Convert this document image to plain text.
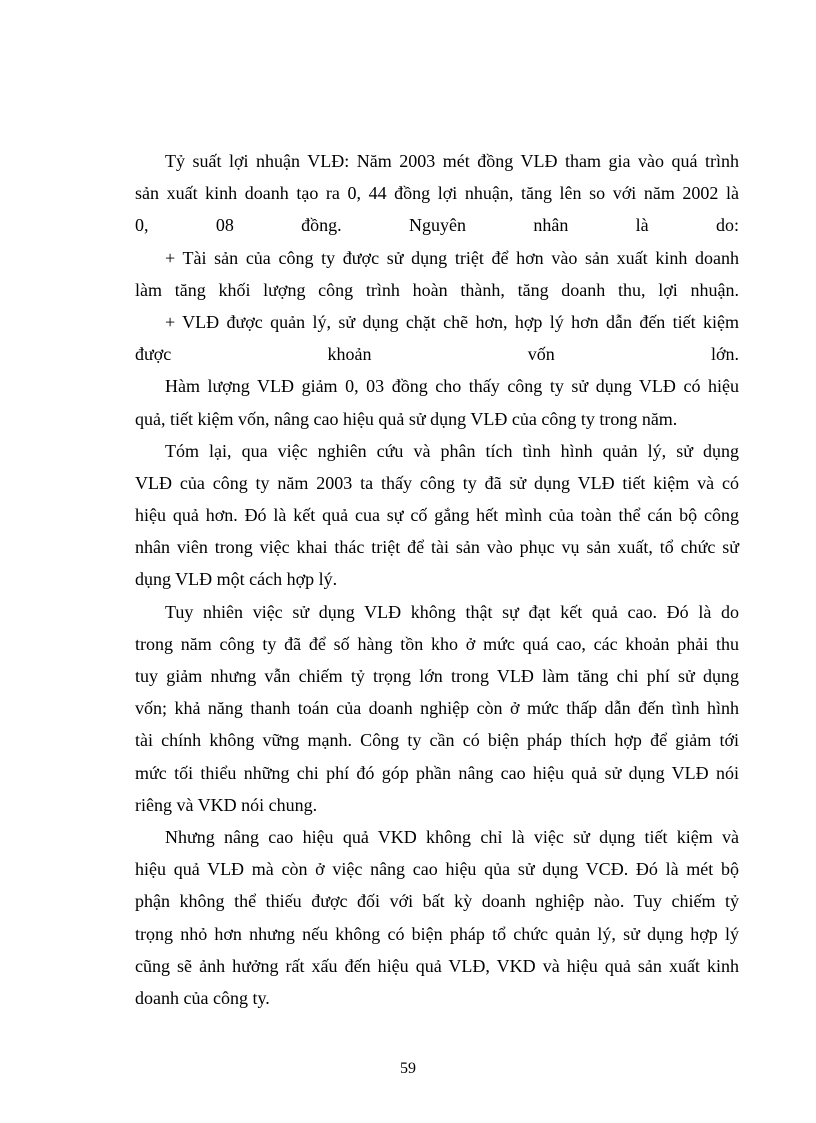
Tỷ suất lợi nhuận VLĐ: Năm 2003 mét đồng VLĐ tham gia vào quá trình
sản xuất kinh doanh tạo ra 0, 44 đồng lợi nhuận, tăng lên so với năm 2002 là
0, 08 đồng. Nguyên nhân là do:
+ Tài sản của công ty được sử dụng triệt để hơn vào sản xuất kinh doanh
làm tăng khối lượng công trình hoàn thành, tăng doanh thu, lợi nhuận.
+ VLĐ được quản lý, sử dụng chặt chẽ hơn, hợp lý hơn dẫn đến tiết kiệm
được khoản vốn lớn.
Hàm lượng VLĐ giảm 0, 03 đồng cho thấy công ty sử dụng VLĐ có hiệu
quả, tiết kiệm vốn, nâng cao hiệu quả sử dụng VLĐ của công ty trong năm.
Tóm lại, qua việc nghiên cứu và phân tích tình hình quản lý, sử dụng
VLĐ của công ty năm 2003 ta thấy công ty đã sử dụng VLĐ tiết kiệm và có
hiệu quả hơn. Đó là kết quả cua sự cố gắng hết mình của toàn thể cán bộ công
nhân viên trong việc khai thác triệt để tài sản vào phục vụ sản xuất, tổ chức sử
dụng VLĐ một cách hợp lý.
Tuy nhiên việc sử dụng VLĐ không thật sự đạt kết quả cao. Đó là do
trong năm công ty đã để số hàng tồn kho ở mức quá cao, các khoản phải thu
tuy giảm nhưng vẫn chiếm tỷ trọng lớn trong VLĐ làm tăng chi phí sử dụng
vốn; khả năng thanh toán của doanh nghiệp còn ở mức thấp dẫn đến tình hình
tài chính không vững mạnh. Công ty cần có biện pháp thích hợp để giảm tới
mức tối thiểu những chi phí đó góp phần nâng cao hiệu quả sử dụng VLĐ nói
riêng và VKD nói chung.
Nhưng nâng cao hiệu quả VKD không chỉ là việc sử dụng tiết kiệm và
hiệu quả VLĐ mà còn ở việc nâng cao hiệu qủa sử dụng VCĐ. Đó là mét bộ
phận không thể thiếu được đối với bất kỳ doanh nghiệp nào. Tuy chiếm tỷ
trọng nhỏ hơn nhưng nếu không có biện pháp tổ chức quản lý, sử dụng hợp lý
cũng sẽ ảnh hưởng rất xấu đến hiệu quả VLĐ, VKD và hiệu quả sản xuất kinh
doanh của công ty.
59
